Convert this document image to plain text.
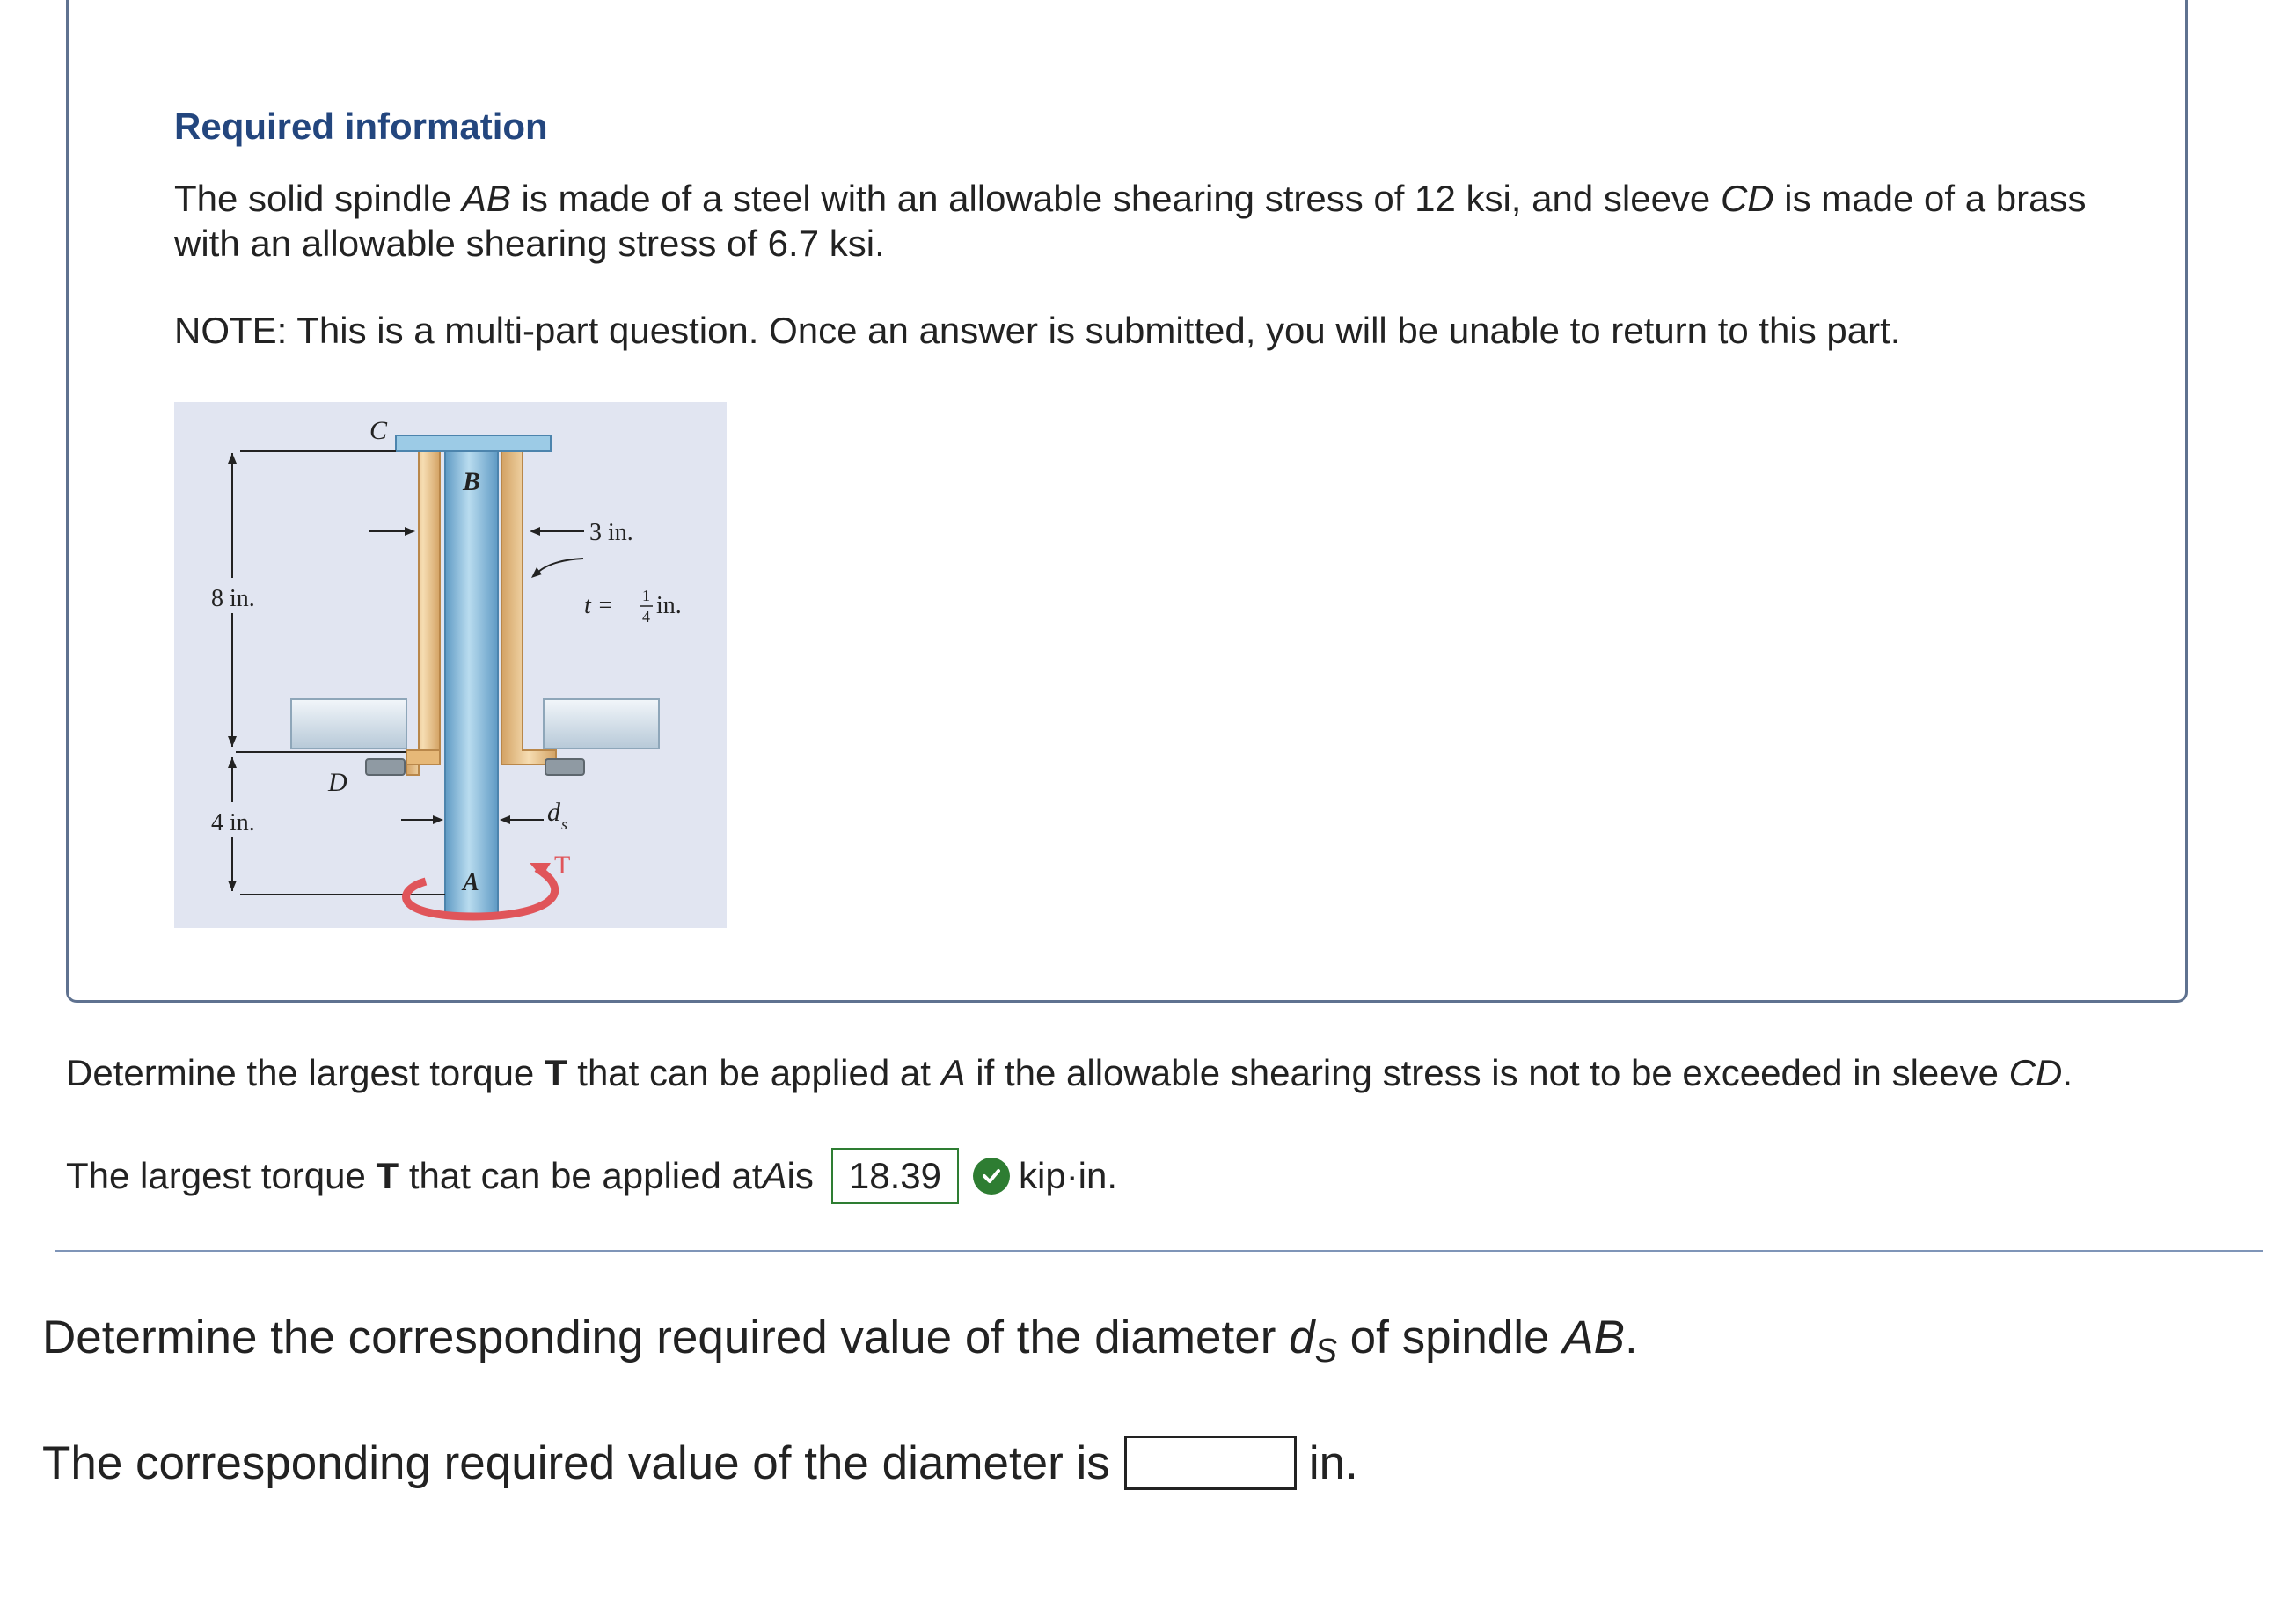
Required information
The solid spindle AB is made of a steel with an allowable shearing stress of 12 ksi, and sleeve CD is made of a brass with an allowable shearing stress of 6.7 ksi.
NOTE: This is a multi-part question. Once an answer is submitted, you will be unable to return to this part.
C
B
D
A
T
8 in.
4 in.
3 in.
t = 1
4 in.
d s
Determine the largest torque T that can be applied at A if the allowable shearing stress is not to be exceeded in sleeve CD.
The largest torque
T
that can be applied at A is 18.39	kip·in.
Determine the corresponding required value of the diameter $d_S$ of spindle AB.
The corresponding required value of the diameter is	in.
